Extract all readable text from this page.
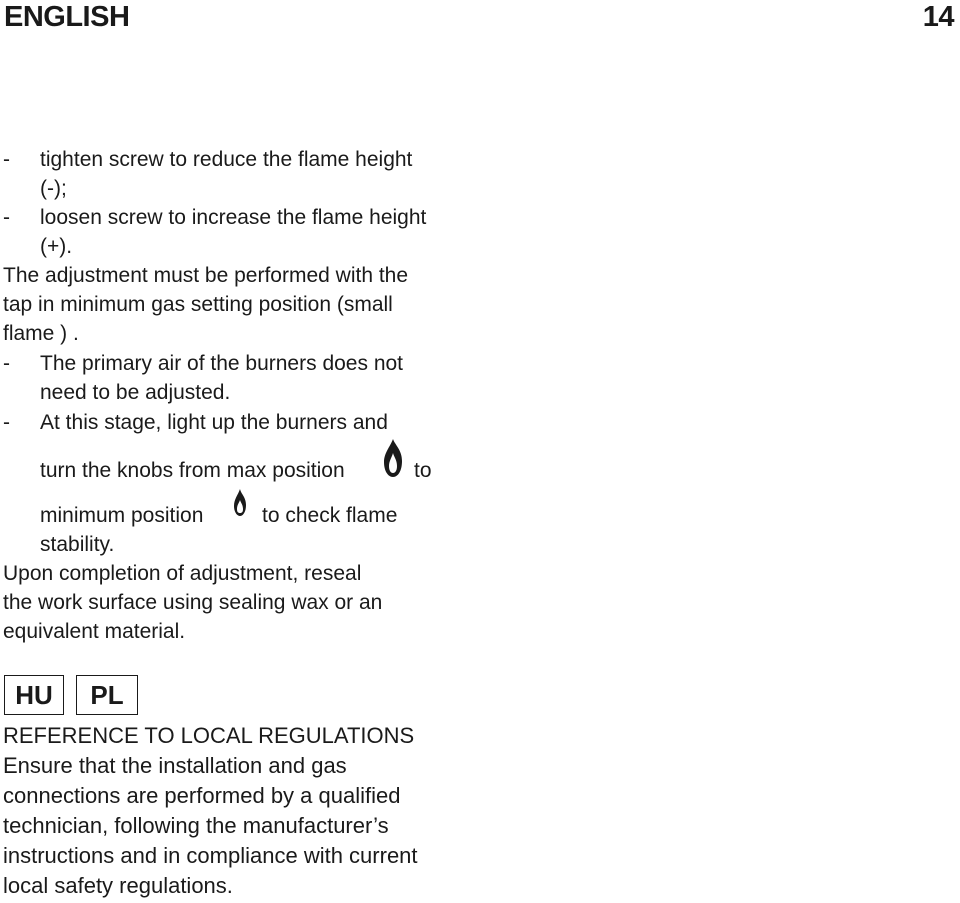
ENGLISH	14
- tighten screw to reduce the flame height
(-);
- loosen screw to increase the flame height
(+).
The adjustment must be performed with the
tap in minimum gas setting position (small
flame ) .
- The primary air of the burners does not
need to be adjusted.
- At this stage, light up the burners and
turn the knobs from max position	to
minimum position	to check flame
stability.
Upon completion of adjustment, reseal
the work surface using sealing wax or an
equivalent material.
HU	PL
REFERENCE TO LOCAL REGULATIONS
Ensure that the installation and gas
connections are performed by a qualified
technician, following the manufacturer’s
instructions and in compliance with current
local safety regulations.
